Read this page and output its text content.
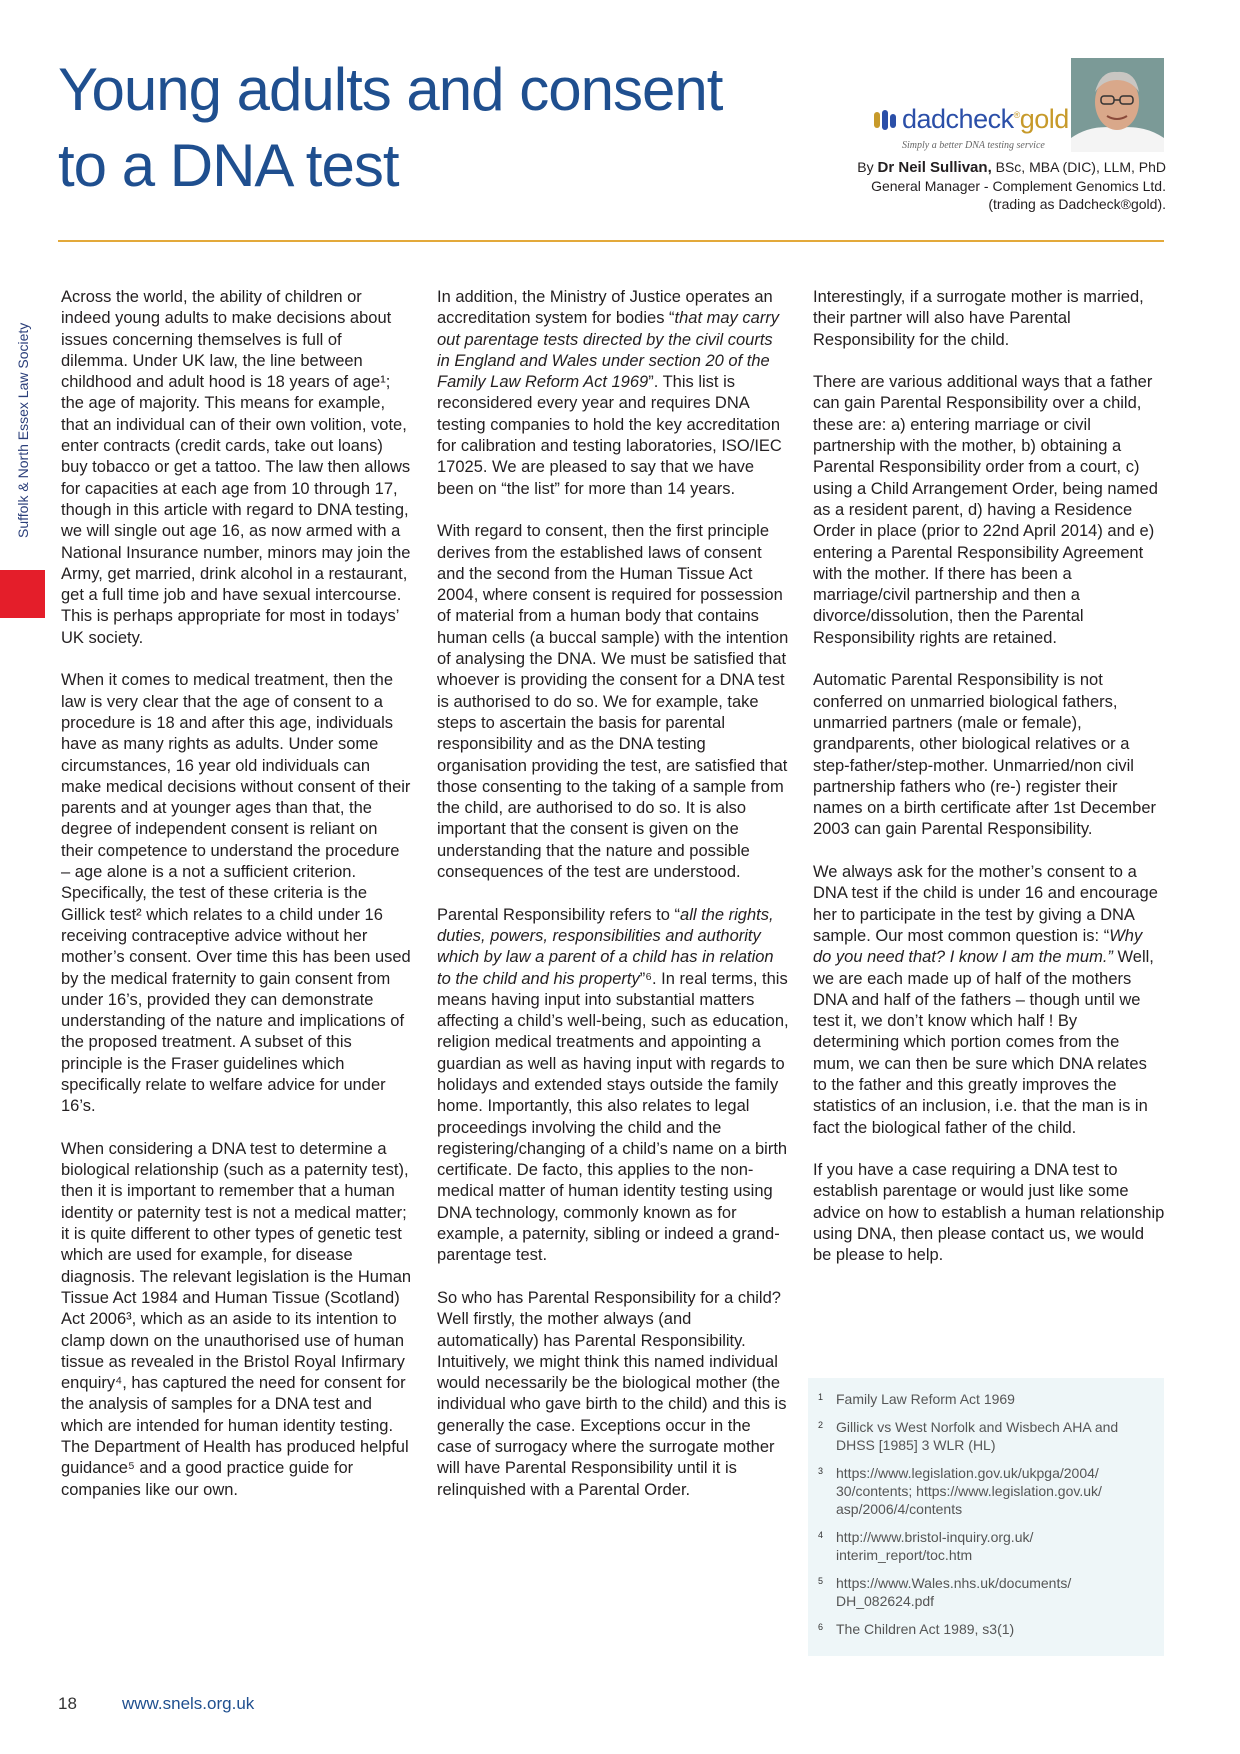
Young adults and consent
to a DNA test
dadcheck®gold
Simply a better DNA testing service
By Dr Neil Sullivan, BSc, MBA (DIC), LLM, PhD
General Manager - Complement Genomics Ltd.
(trading as Dadcheck®gold).
Suffolk & North Essex Law Society

Across the world, the ability of children or indeed young adults to make decisions about issues concerning themselves is full of dilemma. Under UK law, the line between childhood and adult hood is 18 years of age¹; the age of majority. This means for example, that an individual can of their own volition, vote, enter contracts (credit cards, take out loans) buy tobacco or get a tattoo. The law then allows for capacities at each age from 10 through 17, though in this article with regard to DNA testing, we will single out age 16, as now armed with a National Insurance number, minors may join the Army, get married, drink alcohol in a restaurant, get a full time job and have sexual intercourse. This is perhaps appropriate for most in todays’ UK society.

When it comes to medical treatment, then the law is very clear that the age of consent to a procedure is 18 and after this age, individuals have as many rights as adults. Under some circumstances, 16 year old individuals can make medical decisions without consent of their parents and at younger ages than that, the degree of independent consent is reliant on their competence to understand the procedure – age alone is a not a sufficient criterion. Specifically, the test of these criteria is the Gillick test² which relates to a child under 16 receiving contraceptive advice without her mother’s consent. Over time this has been used by the medical fraternity to gain consent from under 16’s, provided they can demonstrate understanding of the nature and implications of the proposed treatment. A subset of this principle is the Fraser guidelines which specifically relate to welfare advice for under 16’s.

When considering a DNA test to determine a biological relationship (such as a paternity test), then it is important to remember that a human identity or paternity test is not a medical matter; it is quite different to other types of genetic test which are used for example, for disease diagnosis. The relevant legislation is the Human Tissue Act 1984 and Human Tissue (Scotland) Act 2006³, which as an aside to its intention to clamp down on the unauthorised use of human tissue as revealed in the Bristol Royal Infirmary enquiry⁴, has captured the need for consent for the analysis of samples for a DNA test and which are intended for human identity testing. The Department of Health has produced helpful guidance⁵ and a good practice guide for companies like our own.

In addition, the Ministry of Justice operates an accreditation system for bodies “that may carry out parentage tests directed by the civil courts in England and Wales under section 20 of the Family Law Reform Act 1969”. This list is reconsidered every year and requires DNA testing companies to hold the key accreditation for calibration and testing laboratories, ISO/IEC 17025. We are pleased to say that we have been on “the list” for more than 14 years.

With regard to consent, then the first principle derives from the established laws of consent and the second from the Human Tissue Act 2004, where consent is required for possession of material from a human body that contains human cells (a buccal sample) with the intention of analysing the DNA. We must be satisfied that whoever is providing the consent for a DNA test is authorised to do so. We for example, take steps to ascertain the basis for parental responsibility and as the DNA testing organisation providing the test, are satisfied that those consenting to the taking of a sample from the child, are authorised to do so. It is also important that the consent is given on the understanding that the nature and possible consequences of the test are understood.

Parental Responsibility refers to “all the rights, duties, powers, responsibilities and authority which by law a parent of a child has in relation to the child and his property”⁶. In real terms, this means having input into substantial matters affecting a child’s well-being, such as education, religion medical treatments and appointing a guardian as well as having input with regards to holidays and extended stays outside the family home. Importantly, this also relates to legal proceedings involving the child and the registering/changing of a child’s name on a birth certificate. De facto, this applies to the non-medical matter of human identity testing using DNA technology, commonly known as for example, a paternity, sibling or indeed a grand-parentage test.

So who has Parental Responsibility for a child? Well firstly, the mother always (and automatically) has Parental Responsibility. Intuitively, we might think this named individual would necessarily be the biological mother (the individual who gave birth to the child) and this is generally the case. Exceptions occur in the case of surrogacy where the surrogate mother will have Parental Responsibility until it is relinquished with a Parental Order.

Interestingly, if a surrogate mother is married, their partner will also have Parental Responsibility for the child.

There are various additional ways that a father can gain Parental Responsibility over a child, these are: a) entering marriage or civil partnership with the mother, b) obtaining a Parental Responsibility order from a court, c) using a Child Arrangement Order, being named as a resident parent, d) having a Residence Order in place (prior to 22nd April 2014) and e) entering a Parental Responsibility Agreement with the mother. If there has been a marriage/civil partnership and then a divorce/dissolution, then the Parental Responsibility rights are retained.

Automatic Parental Responsibility is not conferred on unmarried biological fathers, unmarried partners (male or female), grandparents, other biological relatives or a step-father/step-mother. Unmarried/non civil partnership fathers who (re-) register their names on a birth certificate after 1st December 2003 can gain Parental Responsibility.

We always ask for the mother’s consent to a DNA test if the child is under 16 and encourage her to participate in the test by giving a DNA sample. Our most common question is: “Why do you need that? I know I am the mum.” Well, we are each made up of half of the mothers DNA and half of the fathers – though until we test it, we don’t know which half ! By determining which portion comes from the mum, we can then be sure which DNA relates to the father and this greatly improves the statistics of an inclusion, i.e. that the man is in fact the biological father of the child.

If you have a case requiring a DNA test to establish parentage or would just like some advice on how to establish a human relationship using DNA, then please contact us, we would be please to help.

1 Family Law Reform Act 1969
2 Gillick vs West Norfolk and Wisbech AHA and DHSS [1985] 3 WLR (HL)
3 https://www.legislation.gov.uk/ukpga/2004/ 30/contents; https://www.legislation.gov.uk/ asp/2006/4/contents
4 http://www.bristol-inquiry.org.uk/ interim_report/toc.htm
5 https://www.Wales.nhs.uk/documents/ DH_082624.pdf
6 The Children Act 1989, s3(1)
18	www.snels.org.uk
